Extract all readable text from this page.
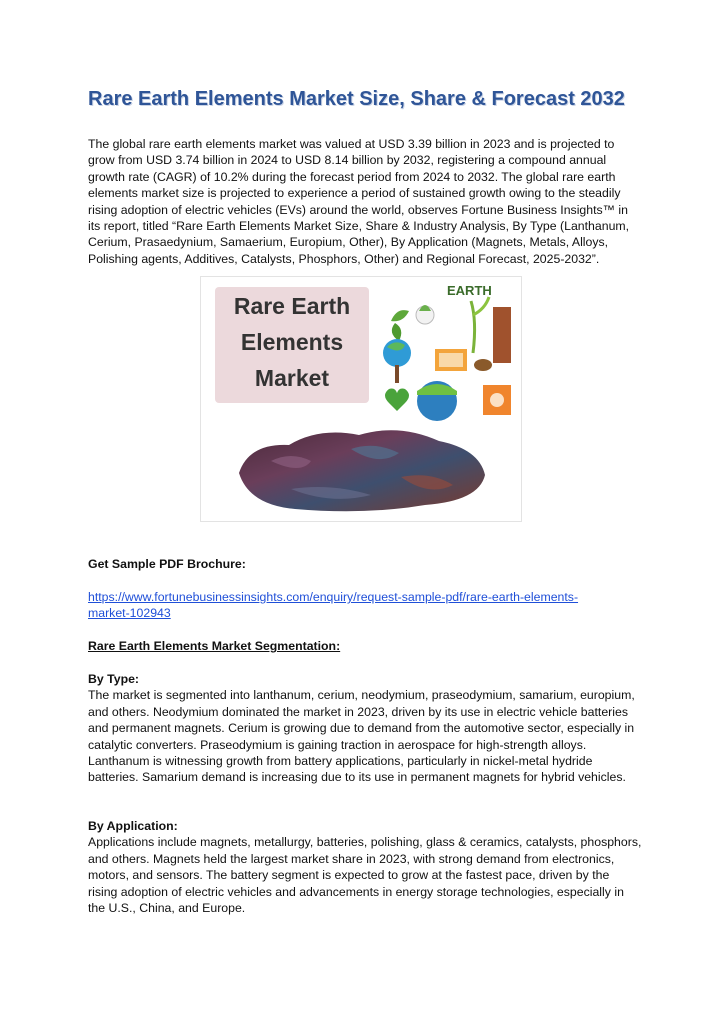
Rare Earth Elements Market Size, Share & Forecast 2032

The global rare earth elements market was valued at USD 3.39 billion in 2023 and is projected to grow from USD 3.74 billion in 2024 to USD 8.14 billion by 2032, registering a compound annual growth rate (CAGR) of 10.2% during the forecast period from 2024 to 2032. The global rare earth elements market size is projected to experience a period of sustained growth owing to the steadily rising adoption of electric vehicles (EVs) around the world, observes Fortune Business Insights™ in its report, titled “Rare Earth Elements Market Size, Share & Industry Analysis, By Type (Lanthanum, Cerium, Prasaedynium, Samaerium, Europium, Other), By Application (Magnets, Metals, Alloys, Polishing agents, Additives, Catalysts, Phosphors, Other) and Regional Forecast, 2025-2032”.

Rare Earth
Elements
Market
EARTH
Get Sample PDF Brochure:
https://www.fortunebusinessinsights.com/enquiry/request-sample-pdf/rare-earth-elements-market-102943
Rare Earth Elements Market Segmentation:
By Type:
The market is segmented into lanthanum, cerium, neodymium, praseodymium, samarium, europium, and others. Neodymium dominated the market in 2023, driven by its use in electric vehicle batteries and permanent magnets. Cerium is growing due to demand from the automotive sector, especially in catalytic converters. Praseodymium is gaining traction in aerospace for high-strength alloys. Lanthanum is witnessing growth from battery applications, particularly in nickel-metal hydride batteries. Samarium demand is increasing due to its use in permanent magnets for hybrid vehicles.
By Application:
Applications include magnets, metallurgy, batteries, polishing, glass & ceramics, catalysts, phosphors, and others. Magnets held the largest market share in 2023, with strong demand from electronics, motors, and sensors. The battery segment is expected to grow at the fastest pace, driven by the rising adoption of electric vehicles and advancements in energy storage technologies, especially in the U.S., China, and Europe.
